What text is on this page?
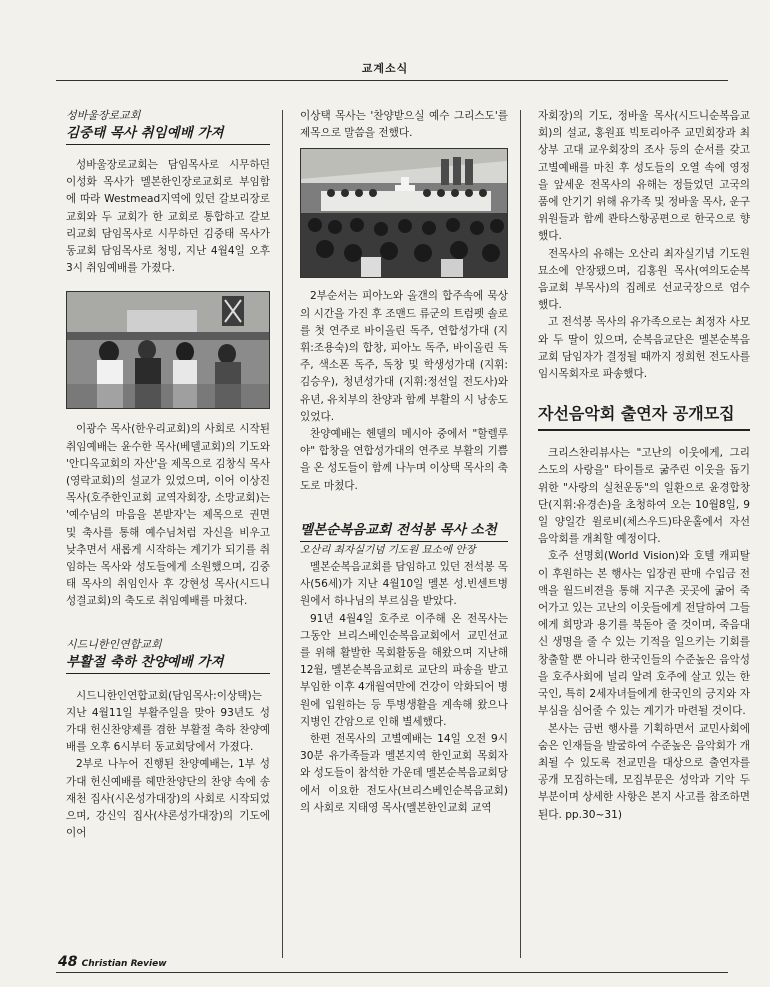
교계소식

성바울장로교회

김중태 목사 취임예배 가져

성바울장로교회는 담임목사로 시무하던 이성화 목사가 멜본한인장로교회로 부임함에 따라 Westmead지역에 있던 갈보리장로교회와 두 교회가 한 교회로 통합하고 갈보리교회 담임목사로 시무하던 김중태 목사가 동교회 담임목사로 청빙, 지난 4월4일 오후 3시 취임예배를 가졌다.

이광수 목사(한우리교회)의 사회로 시작된 취임예배는 윤수한 목사(베델교회)의 기도와 '안디옥교회의 자산'을 제목으로 김창식 목사(영락교회)의 설교가 있었으며, 이어 이상진 목사(호주한인교회 교역자회장, 소망교회)는 '예수님의 마음을 본받자'는 제목으로 권면 및 축사를 통해 예수님처럼 자신을 비우고 낮추면서 새롭게 시작하는 계기가 되기를 취임하는 목사와 성도들에게 소원했으며, 김중태 목사의 취임인사 후 강현성 목사(시드니성결교회)의 축도로 취임예배를 마쳤다.

시드니한인연합교회

부활절 축하 찬양예배 가져

시드니한인연합교회(담임목사:이상택)는 지난 4월11일 부활주일을 맞아 93년도 성가대 헌신찬양제를 겸한 부활절 축하 찬양예배를 오후 6시부터 동교회당에서 가졌다.

2부로 나누어 진행된 찬양예배는, 1부 성가대 헌신예배를 헤만찬양단의 찬양 속에 송재천 집사(시온성가대장)의 사회로 시작되었으며, 강신익 집사(샤론성가대장)의 기도에 이어

이상택 목사는 '찬양받으실 예수 그리스도'를 제목으로 말씀을 전했다.

2부순서는 피아노와 올갠의 합주속에 묵상의 시간을 가진 후 조맨드 류군의 트럼펫 솔로를 첫 연주로 바이올린 독주, 연합성가대 (지휘:조용숙)의 합창, 피아노 독주, 바이올린 독주, 색소폰 독주, 독창 및 학생성가대 (지휘:김승우), 청년성가대 (지휘:정선일 전도사)와 유년, 유치부의 찬양과 함께 부활의 시 낭송도 있었다.

찬양예배는 헨델의 메시아 중에서 "할렐루야" 합창을 연합성가대의 연주로 부활의 기쁨을 온 성도들이 함께 나누며 이상택 목사의 축도로 마쳤다.

멜본순복음교회 전석봉 목사 소천

오산리 최자실기념 기도원 묘소에 안장

멜본순복음교회를 담임하고 있던 전석봉 목사(56세)가 지난 4월10일 멜본 성.빈센트병원에서 하나님의 부르심을 받았다.

91년 4월4일 호주로 이주해 온 전목사는 그동안 브리스베인순복음교회에서 교민선교를 위해 활발한 목회활동을 해왔으며 지난해 12월, 멜본순복음교회로 교단의 파송을 받고 부임한 이후 4개월여만에 건강이 악화되어 병원에 입원하는 등 투병생활을 계속해 왔으나 지병인 간암으로 인해 별세했다.

한편 전목사의 고별예배는 14일 오전 9시30분 유가족들과 멜본지역 한인교회 목회자와 성도들이 참석한 가운데 멜본순복음교회당에서 이요한 전도사(브리스베인순복음교회)의 사회로 지태영 목사(멜본한인교회 교역

자회장)의 기도, 정바울 목사(시드니순복음교회)의 설교, 홍원표 빅토리아주 교민회장과 최상부 고대 교우회장의 조사 등의 순서를 갖고 고별예배를 마친 후 성도들의 오열 속에 영정을 앞세운 전목사의 유해는 정들었던 고국의 품에 안기기 위해 유가족 및 정바울 목사, 운구위원들과 함께 콴타스항공편으로 한국으로 향했다.

전목사의 유해는 오산리 최자실기념 기도원 묘소에 안장됐으며, 김홍원 목사(여의도순복음교회 부목사)의 집례로 선교국장으로 엄수했다.

고 전석봉 목사의 유가족으로는 최정자 사모와 두 딸이 있으며, 순복음교단은 멜본순복음교회 담임자가 결정될 때까지 정희헌 전도사를 임시목회자로 파송했다.

자선음악회 출연자 공개모집

크리스찬리뷰사는 "고난의 이웃에게, 그리스도의 사랑을" 타이틀로 굶주린 이웃을 돕기 위한 "사랑의 실천운동"의 일환으로 윤경합창단(지휘:유경손)을 초청하여 오는 10월8일, 9일 양일간 윌로비(체스우드)타운홀에서 자선음악회를 개최할 예정이다.

호주 선명회(World Vision)와 호텔 캐피탈이 후원하는 본 행사는 입장권 판매 수입금 전액을 월드비젼을 통해 지구촌 곳곳에 굶어 죽어가고 있는 고난의 이웃들에게 전달하여 그들에게 희망과 용기를 북돋아 줄 것이며, 죽음대신 생명을 줄 수 있는 기적을 일으키는 기회를 창출할 뿐 아니라 한국인들의 수준높은 음악성을 호주사회에 널리 알려 호주에 살고 있는 한국인, 특히 2세자녀들에게 한국인의 긍지와 자부심을 심어줄 수 있는 계기가 마련될 것이다.

본사는 금번 행사를 기획하면서 교민사회에 숨은 인재들을 발굴하여 수준높은 음악회가 개최될 수 있도록 전교민을 대상으로 출연자를 공개 모집하는데, 모집부문은 성악과 기악 두 부분이며 상세한 사항은 본지 사고를 참조하면 된다. pp.30~31)

48 Christian Review
